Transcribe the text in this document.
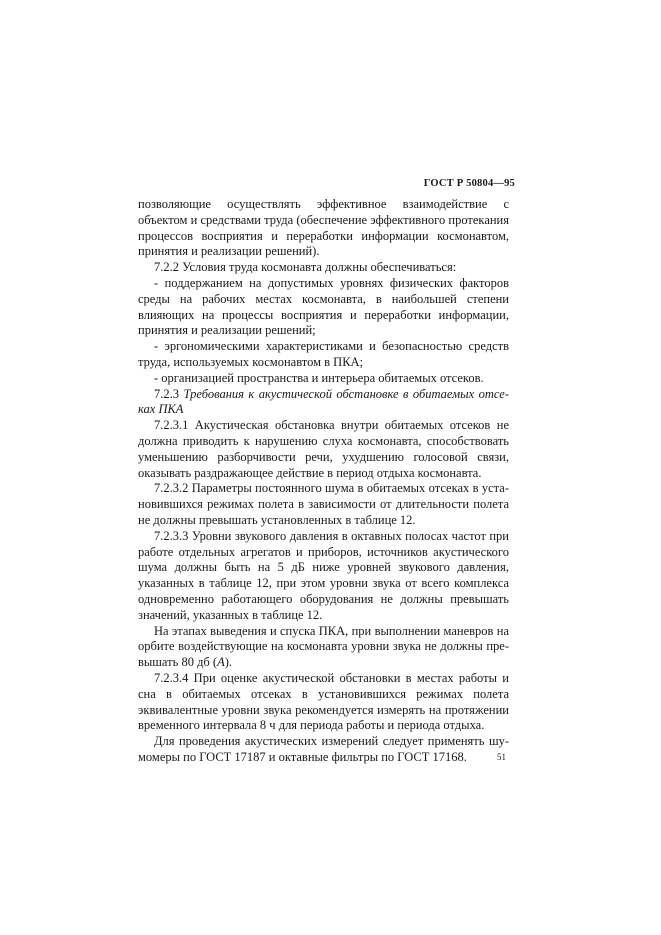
ГОСТ Р 50804—95

позволяющие осуществлять эффективное взаимодействие с объектом и средствами труда (обеспечение эффективного протекания процессов восприятия и переработки информации космонавтом, принятия и реализации решений).

7.2.2 Условия труда космонавта должны обеспечиваться:

- поддержанием на допустимых уровнях физических факторов среды на рабочих местах космонавта, в наибольшей степени влияющих на процессы восприятия и переработки информации, принятия и реализации решений;

- эргономическими характеристиками и безопасностью средств труда, используемых космонавтом в ПКА;

- организацией пространства и интерьера обитаемых отсеков.

7.2.3 Требования к акустической обстановке в обитаемых отсеках ПКА

7.2.3.1 Акустическая обстановка внутри обитаемых отсеков не должна приводить к нарушению слуха космонавта, способствовать уменьшению разборчивости речи, ухудшению голосовой связи, оказывать раздражающее действие в период отдыха космонавта.

7.2.3.2 Параметры постоянного шума в обитаемых отсеках в установившихся режимах полета в зависимости от длительности полета не должны превышать установленных в таблице 12.

7.2.3.3 Уровни звукового давления в октавных полосах частот при работе отдельных агрегатов и приборов, источников акустического шума должны быть на 5 дБ ниже уровней звукового давления, указанных в таблице 12, при этом уровни звука от всего комплекса одновременно работающего оборудования не должны превышать значений, указанных в таблице 12.

На этапах выведения и спуска ПКА, при выполнении маневров на орбите воздействующие на космонавта уровни звука не должны превышать 80 дб (А).

7.2.3.4 При оценке акустической обстановки в местах работы и сна в обитаемых отсеках в установившихся режимах полета эквивалентные уровни звука рекомендуется измерять на протяжении временного интервала 8 ч для периода работы и периода отдыха.

Для проведения акустических измерений следует применять шумомеры по ГОСТ 17187 и октавные фильтры по ГОСТ 17168.	51
